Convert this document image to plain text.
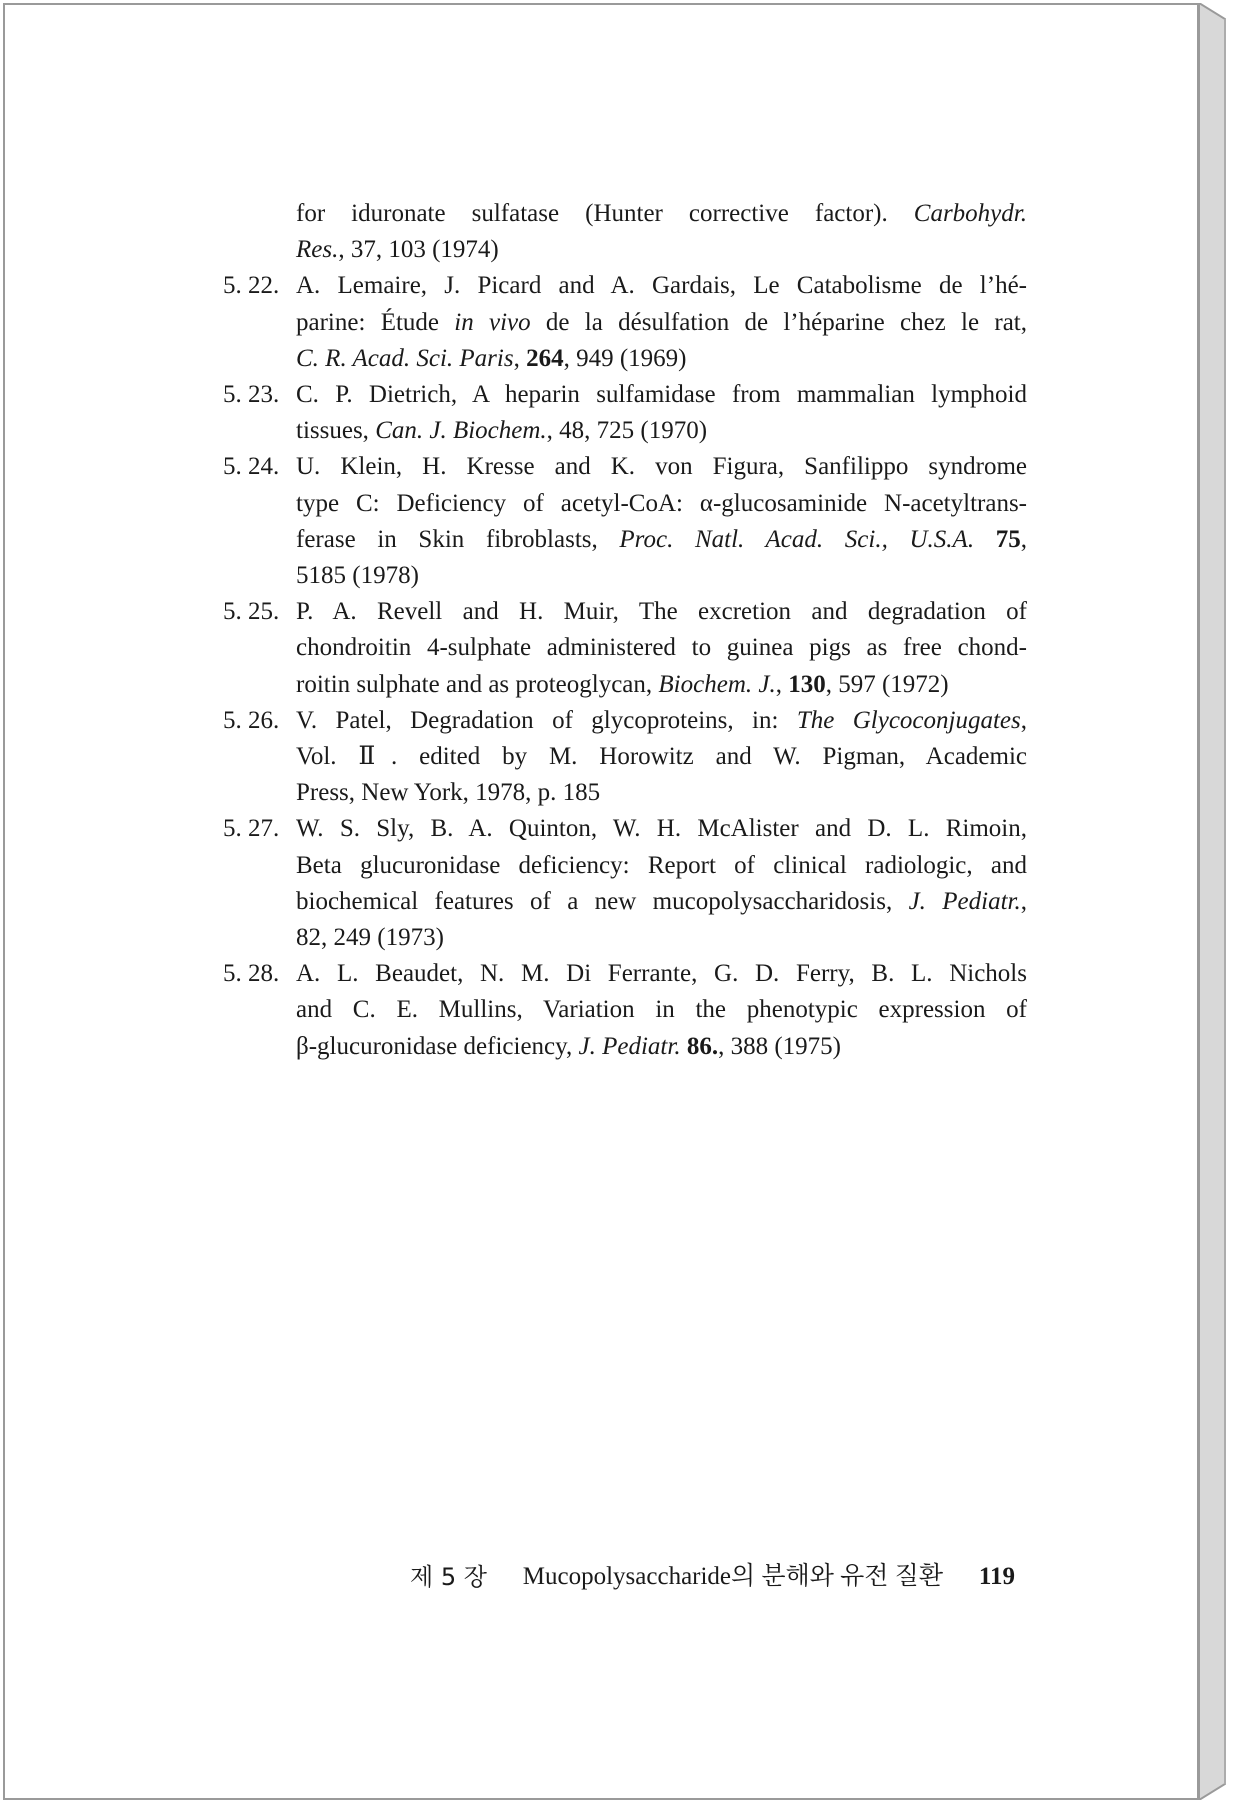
for iduronate sulfatase (Hunter corrective factor). Carbohydr.
Res., 37, 103 (1974)
5. 22. A. Lemaire, J. Picard and A. Gardais, Le Catabolisme de l’hé-
parine: Étude in vivo de la désulfation de l’héparine chez le rat,
C. R. Acad. Sci. Paris, 264, 949 (1969)
5. 23. C. P. Dietrich, A heparin sulfamidase from mammalian lymphoid
tissues, Can. J. Biochem., 48, 725 (1970)
5. 24. U. Klein, H. Kresse and K. von Figura, Sanfilippo syndrome
type C: Deficiency of acetyl-CoA: α-glucosaminide N-acetyltrans-
ferase in Skin fibroblasts, Proc. Natl. Acad. Sci., U.S.A. 75,
5185 (1978)
5. 25. P. A. Revell and H. Muir, The excretion and degradation of
chondroitin 4-sulphate administered to guinea pigs as free chond-
roitin sulphate and as proteoglycan, Biochem. J., 130, 597 (1972)
5. 26. V. Patel, Degradation of glycoproteins, in: The Glycoconjugates,
Vol. Ⅱ. edited by M. Horowitz and W. Pigman, Academic
Press, New York, 1978, p. 185
5. 27. W. S. Sly, B. A. Quinton, W. H. McAlister and D. L. Rimoin,
Beta glucuronidase deficiency: Report of clinical radiologic, and
biochemical features of a new mucopolysaccharidosis, J. Pediatr.,
82, 249 (1973)
5. 28. A. L. Beaudet, N. M. Di Ferrante, G. D. Ferry, B. L. Nichols
and C. E. Mullins, Variation in the phenotypic expression of
β-glucuronidase deficiency, J. Pediatr. 86., 388 (1975)
제 5 장 Mucopolysaccharide의 분해와 유전 질환 119
